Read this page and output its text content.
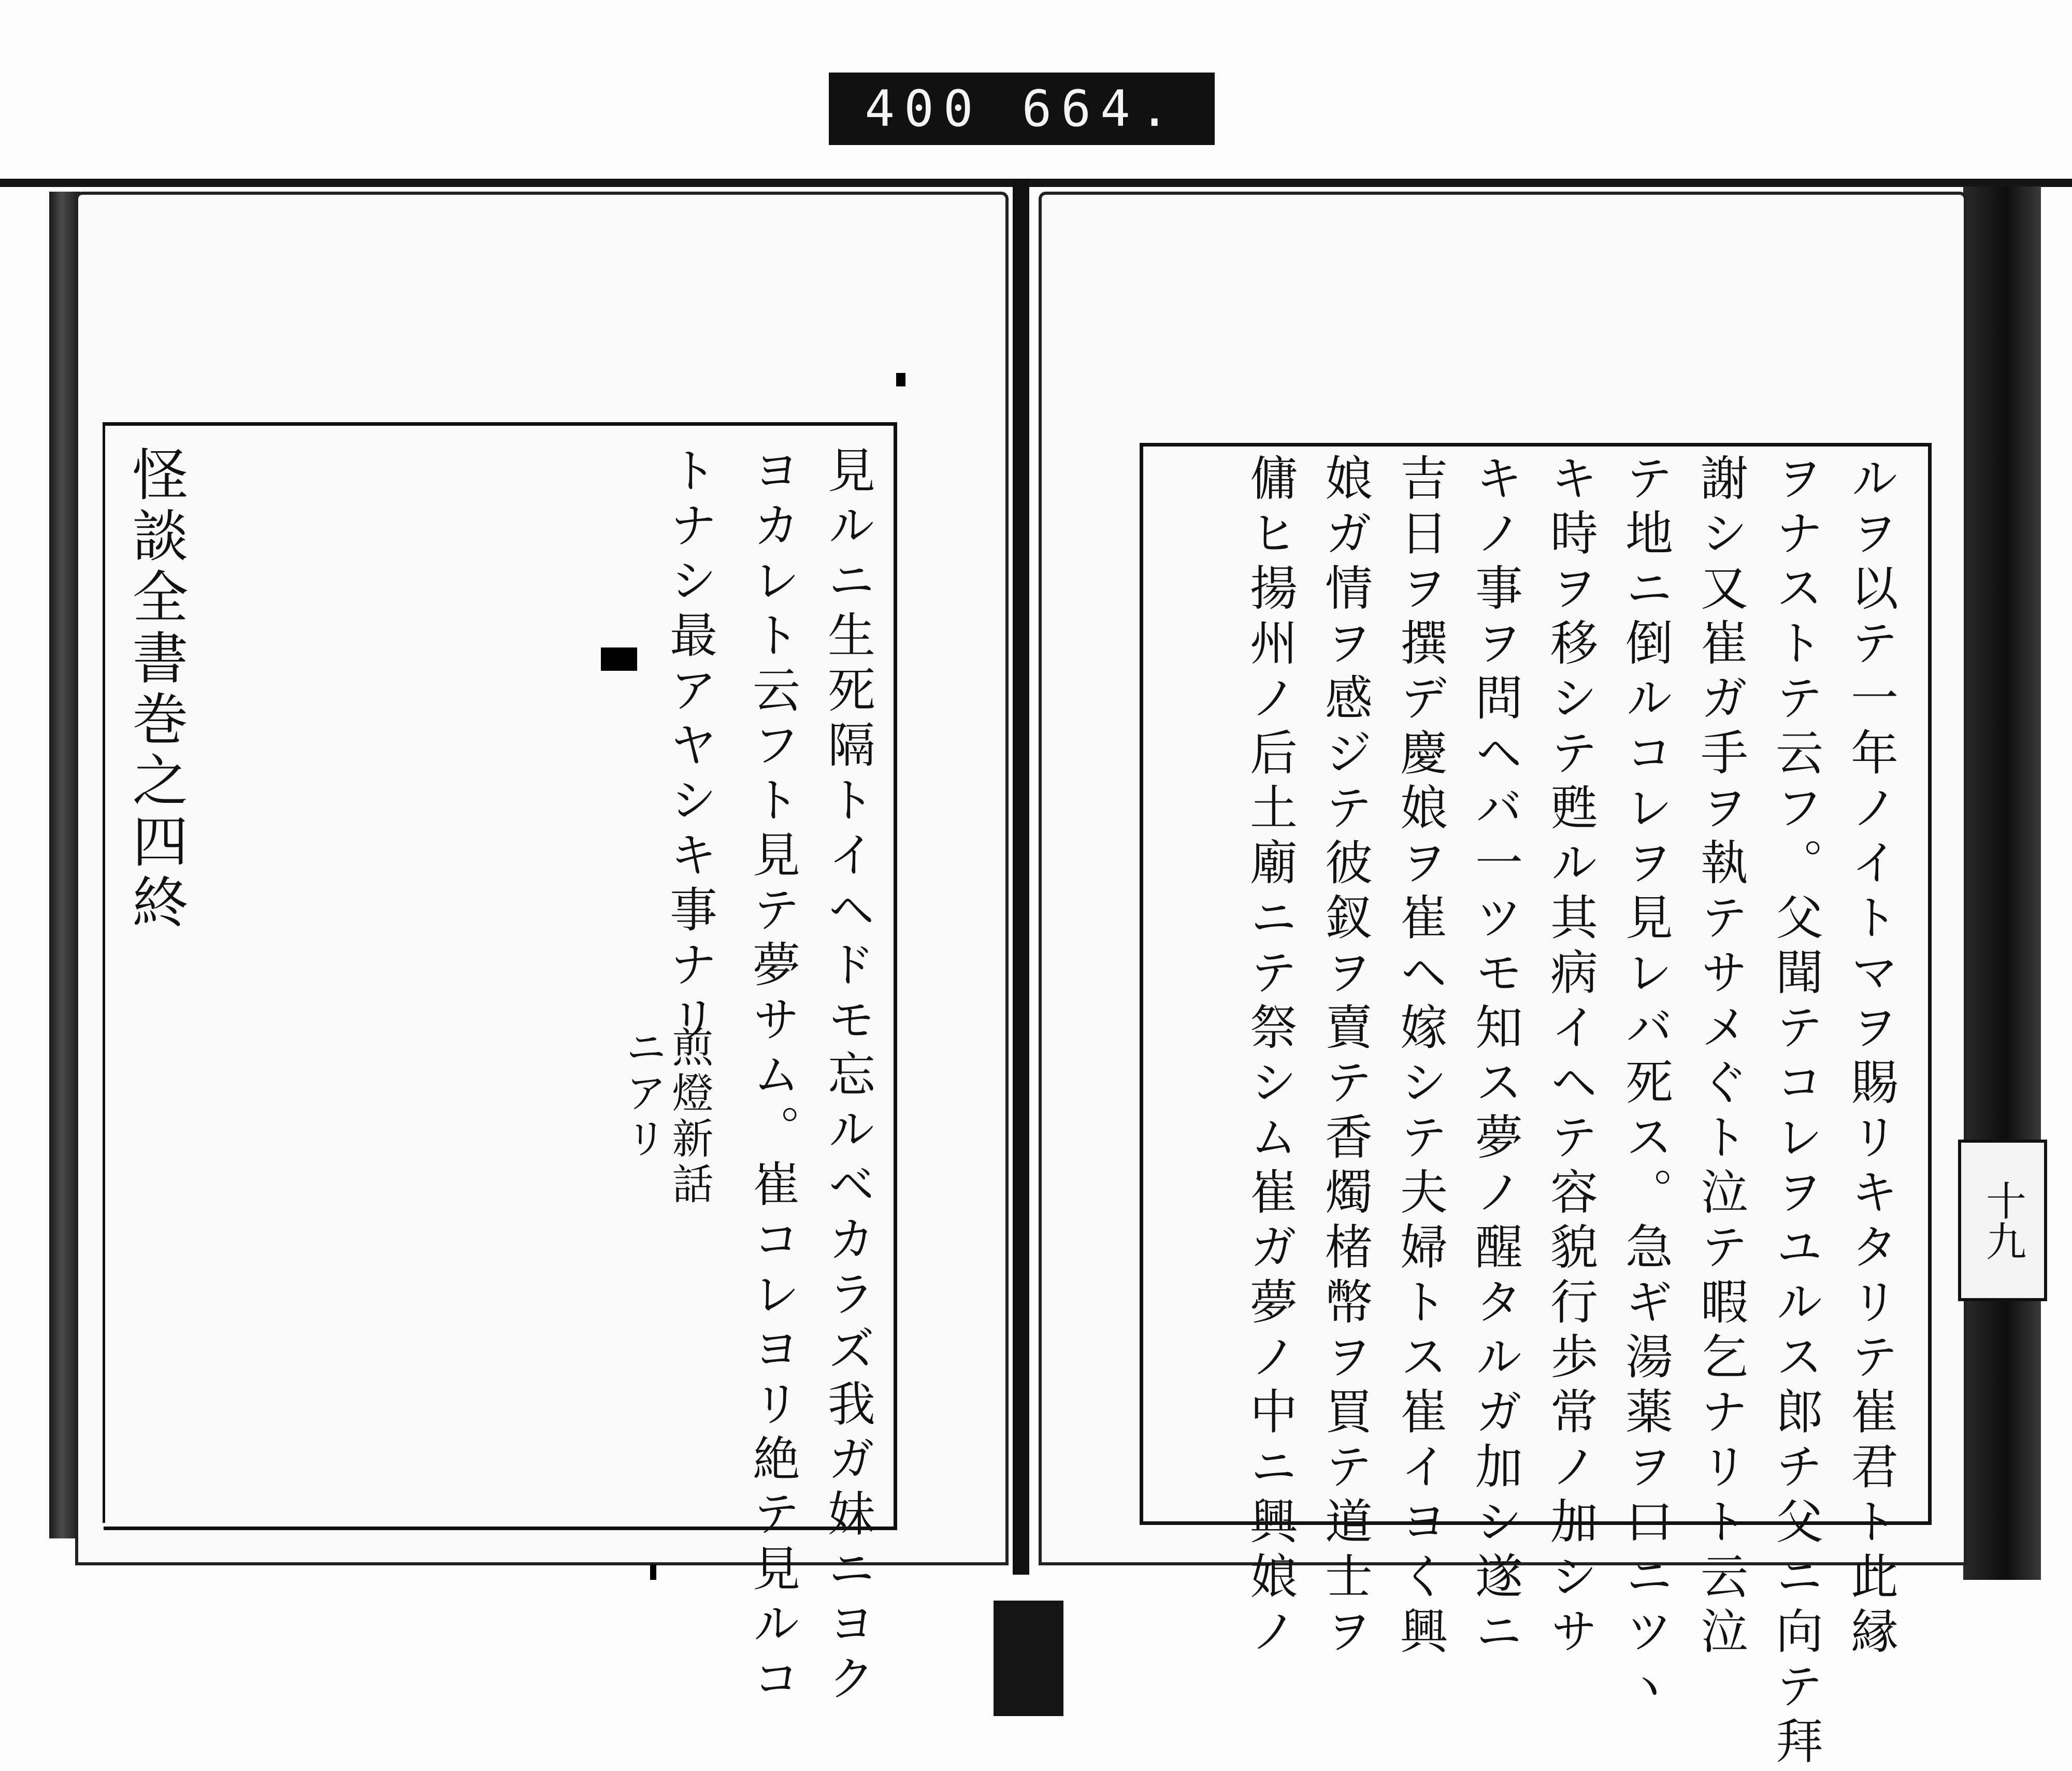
400 664.
見ルニ生死隔トイヘドモ忘ルベカラズ我ガ妹ニヨク
ヨカレト云フト見テ夢サム。崔コレヨリ絶テ見ルコ
トナシ最アヤシキ事ナリ
煎燈新話
ニアリ
怪談全書巻之四終	ルヲ以テ一年ノイトマヲ賜リキタリテ崔君ト此縁
ヲナストテ云フ。父聞テコレヲユルス郎チ父ニ向テ拜
謝シ又崔ガ手ヲ執テサメぐト泣テ暇乞ナリト云泣
テ地ニ倒ルコレヲ見レバ死ス。急ギ湯薬ヲ口ニツヽ
キ時ヲ移シテ甦ル其病イヘテ容貌行歩常ノ加シサ
キノ事ヲ問ヘバ一ツモ知ス夢ノ醒タルガ加シ遂ニ
吉日ヲ撰デ慶娘ヲ崔ヘ嫁シテ夫婦トス崔イヨく興
娘ガ情ヲ感ジテ彼釵ヲ賣テ香燭楮幣ヲ買テ道士ヲ
傭ヒ揚州ノ后土廟ニテ祭シム崔ガ夢ノ中ニ興娘ノ	十九
